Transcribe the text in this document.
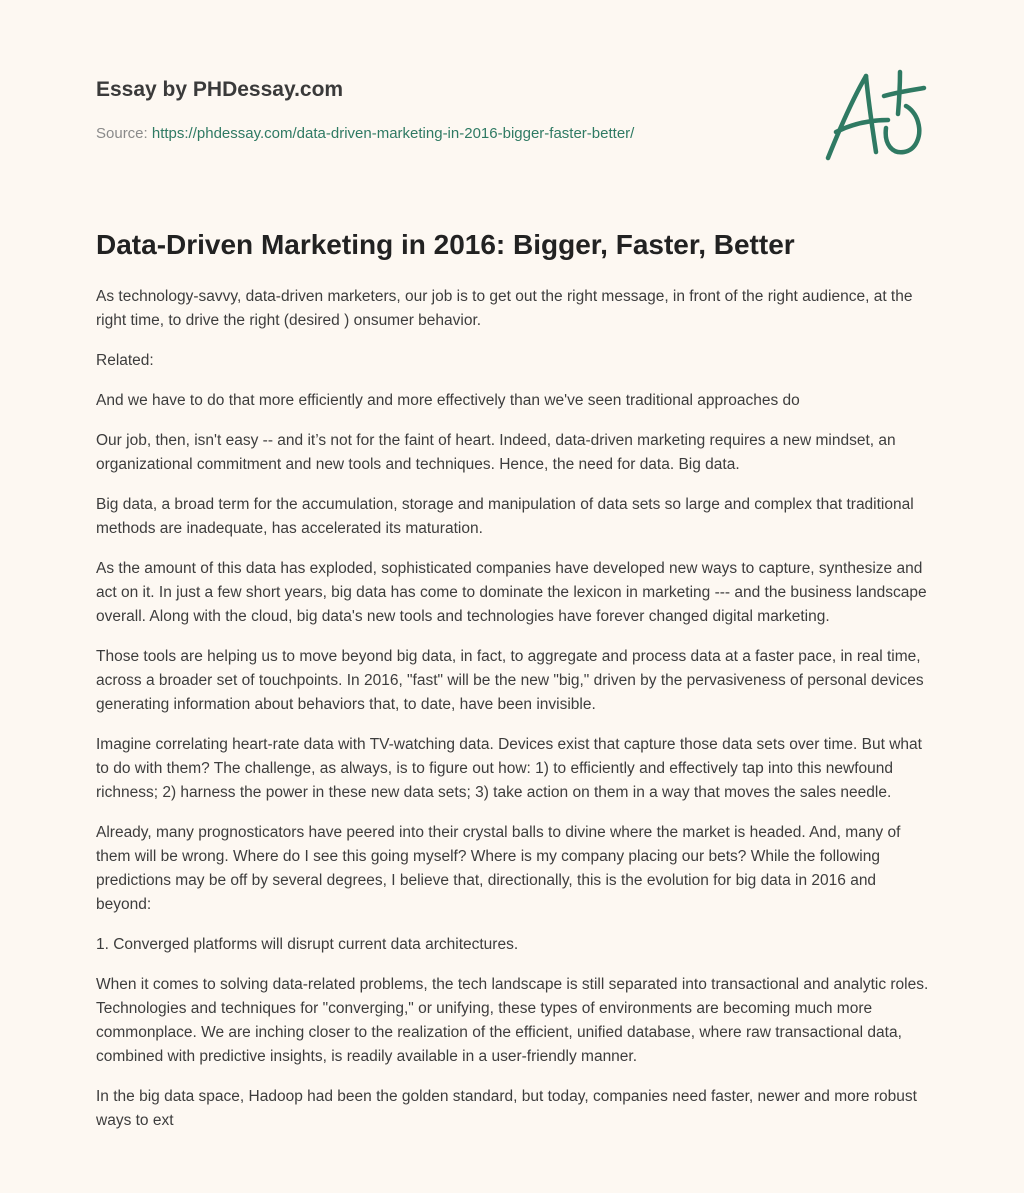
Essay by PHDessay.com
Source: https://phdessay.com/data-driven-marketing-in-2016-bigger-faster-better/
Data-Driven Marketing in 2016: Bigger, Faster, Better

As technology-savvy, data-driven marketers, our job is to get out the right message, in front of the right audience, at the right time, to drive the right (desired ) onsumer behavior.

Related:

And we have to do that more efficiently and more effectively than we've seen traditional approaches do

Our job, then, isn't easy -- and it’s not for the faint of heart. Indeed, data-driven marketing requires a new mindset, an organizational commitment and new tools and techniques. Hence, the need for data. Big data.

Big data, a broad term for the accumulation, storage and manipulation of data sets so large and complex that traditional methods are inadequate, has accelerated its maturation.

As the amount of this data has exploded, sophisticated companies have developed new ways to capture, synthesize and act on it. In just a few short years, big data has come to dominate the lexicon in marketing --- and the business landscape overall. Along with the cloud, big data's new tools and technologies have forever changed digital marketing.

Those tools are helping us to move beyond big data, in fact, to aggregate and process data at a faster pace, in real time, across a broader set of touchpoints. In 2016, "fast" will be the new "big," driven by the pervasiveness of personal devices generating information about behaviors that, to date, have been invisible.

Imagine correlating heart-rate data with TV-watching data. Devices exist that capture those data sets over time. But what to do with them? The challenge, as always, is to figure out how: 1) to efficiently and effectively tap into this newfound richness; 2) harness the power in these new data sets; 3) take action on them in a way that moves the sales needle.

Already, many prognosticators have peered into their crystal balls to divine where the market is headed. And, many of them will be wrong. Where do I see this going myself? Where is my company placing our bets? While the following predictions may be off by several degrees, I believe that, directionally, this is the evolution for big data in 2016 and beyond:

1. Converged platforms will disrupt current data architectures.

When it comes to solving data-related problems, the tech landscape is still separated into transactional and analytic roles. Technologies and techniques for "converging," or unifying, these types of environments are becoming much more commonplace. We are inching closer to the realization of the efficient, unified database, where raw transactional data, combined with predictive insights, is readily available in a user-friendly manner.

In the big data space, Hadoop had been the golden standard, but today, companies need faster, newer and more robust ways to ext
